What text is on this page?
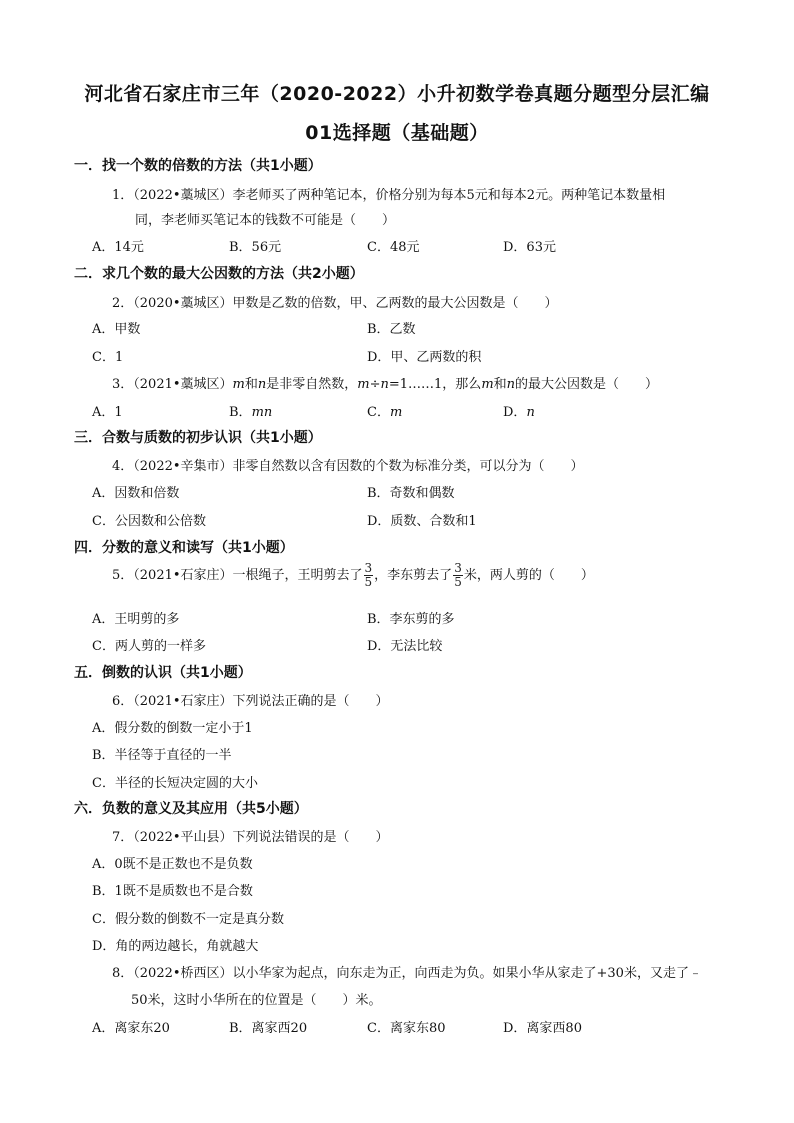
河北省石家庄市三年（2020-2022）小升初数学卷真题分题型分层汇编
01选择题（基础题）
一．找一个数的倍数的方法（共1小题）
1．（2022•藁城区）李老师买了两种笔记本，价格分别为每本5元和每本2元。两种笔记本数量相
同，李老师买笔记本的钱数不可能是（　　）
A．14元	B．56元	C．48元	D．63元
二．求几个数的最大公因数的方法（共2小题）
2．（2020•藁城区）甲数是乙数的倍数，甲、乙两数的最大公因数是（　　）
A．甲数	B．乙数
C．1	D．甲、乙两数的积
3．（2021•藁城区）m和n是非零自然数，m÷n=1……1，那么m和n的最大公因数是（　　）
A．1	B．mn	C．m	D．n
三．合数与质数的初步认识（共1小题）
4．（2022•辛集市）非零自然数以含有因数的个数为标准分类，可以分为（　　）
A．因数和倍数	B．奇数和偶数
C．公因数和公倍数	D．质数、合数和1
四．分数的意义和读写（共1小题）
5．（2021•石家庄）一根绳子，王明剪去了 $\frac{3}{5}$ ，李东剪去了 $\frac{3}{5}$ 米，两人剪的（　　）
A．王明剪的多	B．李东剪的多
C．两人剪的一样多	D．无法比较
五．倒数的认识（共1小题）
6．（2021•石家庄）下列说法正确的是（　　）
A．假分数的倒数一定小于1
B．半径等于直径的一半
C．半径的长短决定圆的大小
六．负数的意义及其应用（共5小题）
7．（2022•平山县）下列说法错误的是（　　）
A．0既不是正数也不是负数
B．1既不是质数也不是合数
C．假分数的倒数不一定是真分数
D．角的两边越长，角就越大
8．（2022•桥西区）以小华家为起点，向东走为正，向西走为负。如果小华从家走了+30米，又走了﹣
50米，这时小华所在的位置是（　　）米。
A．离家东20	B．离家西20	C．离家东80	D．离家西80
